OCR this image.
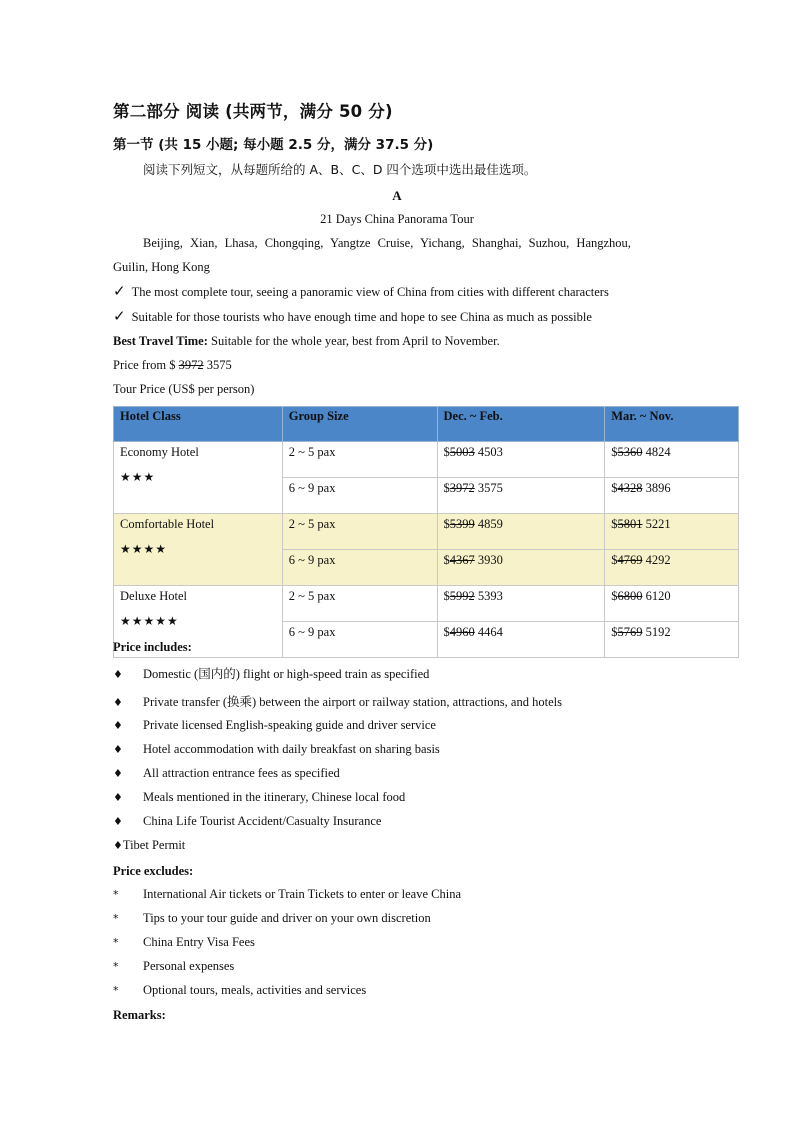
第二部分 阅读 (共两节，满分 50 分)
第一节 (共 15 小题; 每小题 2.5 分，满分 37.5 分)
阅读下列短文，从每题所给的 A、B、C、D 四个选项中选出最佳选项。
A
21 Days China Panorama Tour
Beijing, Xian, Lhasa, Chongqing, Yangtze Cruise, Yichang, Shanghai, Suzhou, Hangzhou,
Guilin, Hong Kong
✓ The most complete tour, seeing a panoramic view of China from cities with different characters
✓ Suitable for those tourists who have enough time and hope to see China as much as possible
Best Travel Time: Suitable for the whole year, best from April to November.
Price from $ 3972 3575
Tour Price (US$ per person)
Hotel Class	Group Size	Dec. ~ Feb.	Mar. ~ Nov.
Economy Hotel
★★★	2 ~ 5 pax	$5003 4503	$5360 4824
	6 ~ 9 pax	$3972 3575	$4328 3896
Comfortable Hotel
★★★★	2 ~ 5 pax	$5399 4859	$5801 5221
	6 ~ 9 pax	$4367 3930	$4769 4292
Deluxe Hotel
★★★★★	2 ~ 5 pax	$5992 5393	$6800 6120
	6 ~ 9 pax	$4960 4464	$5769 5192
Price includes:
♦ Domestic (国内的) flight or high-speed train as specified
♦ Private transfer (换乘) between the airport or railway station, attractions, and hotels
♦ Private licensed English-speaking guide and driver service
♦ Hotel accommodation with daily breakfast on sharing basis
♦ All attraction entrance fees as specified
♦ Meals mentioned in the itinerary, Chinese local food
♦ China Life Tourist Accident/Casualty Insurance
♦Tibet Permit
Price excludes:
* International Air tickets or Train Tickets to enter or leave China
* Tips to your tour guide and driver on your own discretion
* China Entry Visa Fees
* Personal expenses
* Optional tours, meals, activities and services
Remarks:
